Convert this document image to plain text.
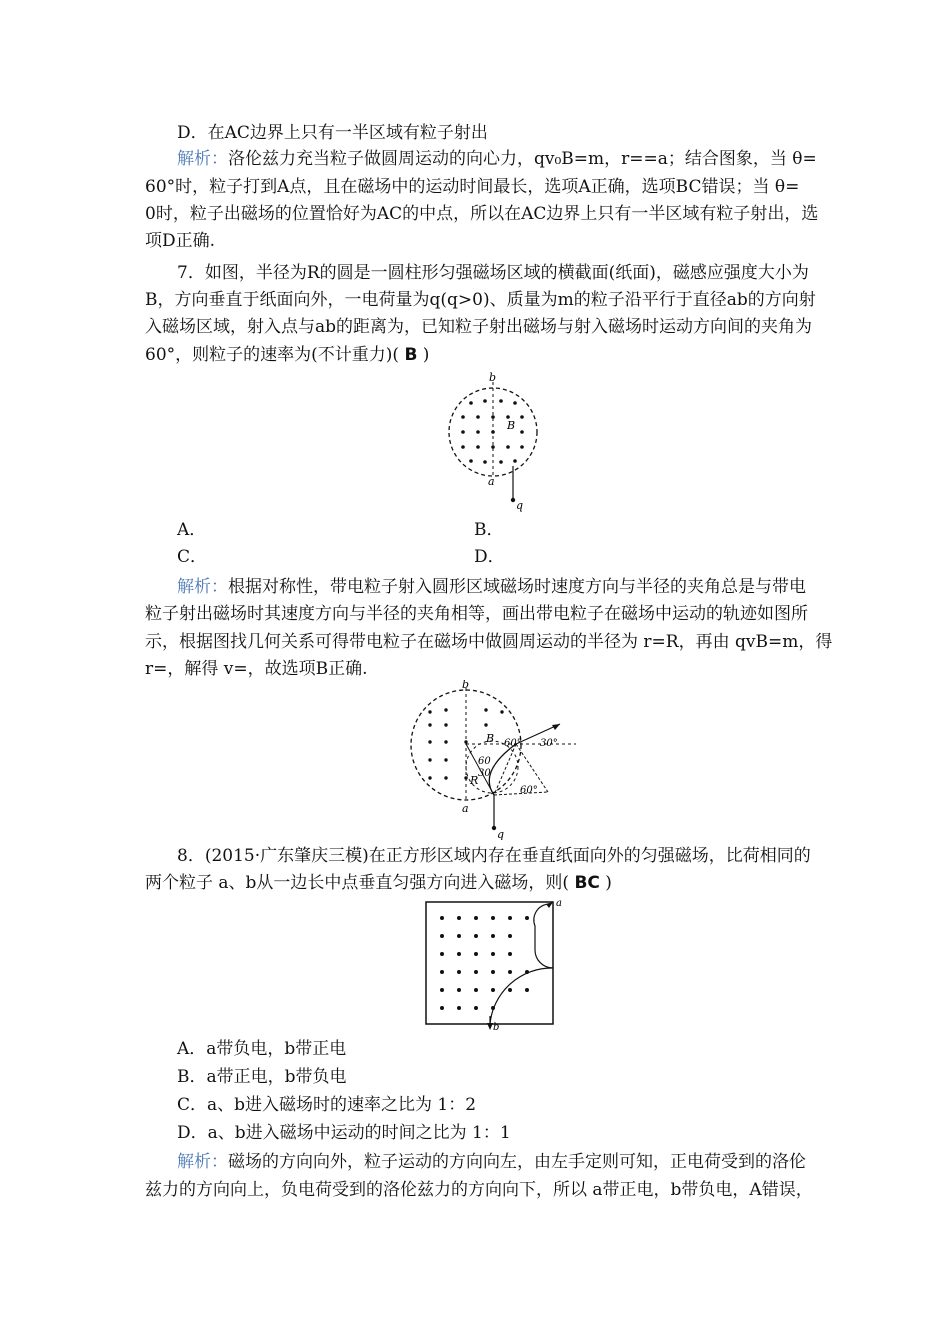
D．在AC边界上只有一半区域有粒子射出
解析：洛伦兹力充当粒子做圆周运动的向心力，qv₀B=m，r==a；结合图象，当 θ=
60°时，粒子打到A点，且在磁场中的运动时间最长，选项A正确，选项BC错误；当 θ=
0时，粒子出磁场的位置恰好为AC的中点，所以在AC边界上只有一半区域有粒子射出，选
项D正确.
7．如图，半径为R的圆是一圆柱形匀强磁场区域的横截面(纸面)，磁感应强度大小为
B，方向垂直于纸面向外，一电荷量为q(q>0)、质量为m的粒子沿平行于直径ab的方向射
入磁场区域，射入点与ab的距离为，已知粒子射出磁场与射入磁场时运动方向间的夹角为
60°，则粒子的速率为(不计重力)( B )
b
B
a
q
A．	B．
C．	D．
解析：根据对称性，带电粒子射入圆形区域磁场时速度方向与半径的夹角总是与带电
粒子射出磁场时其速度方向与半径的夹角相等，画出带电粒子在磁场中运动的轨迹如图所
示，根据图找几何关系可得带电粒子在磁场中做圆周运动的半径为 r=R，再由 qvB=m，得
r=，解得 v=，故选项B正确.
b
B 60° 30°
60
30
R
60°
a
q
8．(2015·广东肇庆三模)在正方形区域内存在垂直纸面向外的匀强磁场，比荷相同的
两个粒子 a、b从一边长中点垂直匀强方向进入磁场，则( BC )
a
b
A．a带负电，b带正电
B．a带正电，b带负电
C．a、b进入磁场时的速率之比为 1：2
D．a、b进入磁场中运动的时间之比为 1：1
解析：磁场的方向向外，粒子运动的方向向左，由左手定则可知，正电荷受到的洛伦
兹力的方向向上，负电荷受到的洛伦兹力的方向向下，所以 a带正电，b带负电，A错误，
